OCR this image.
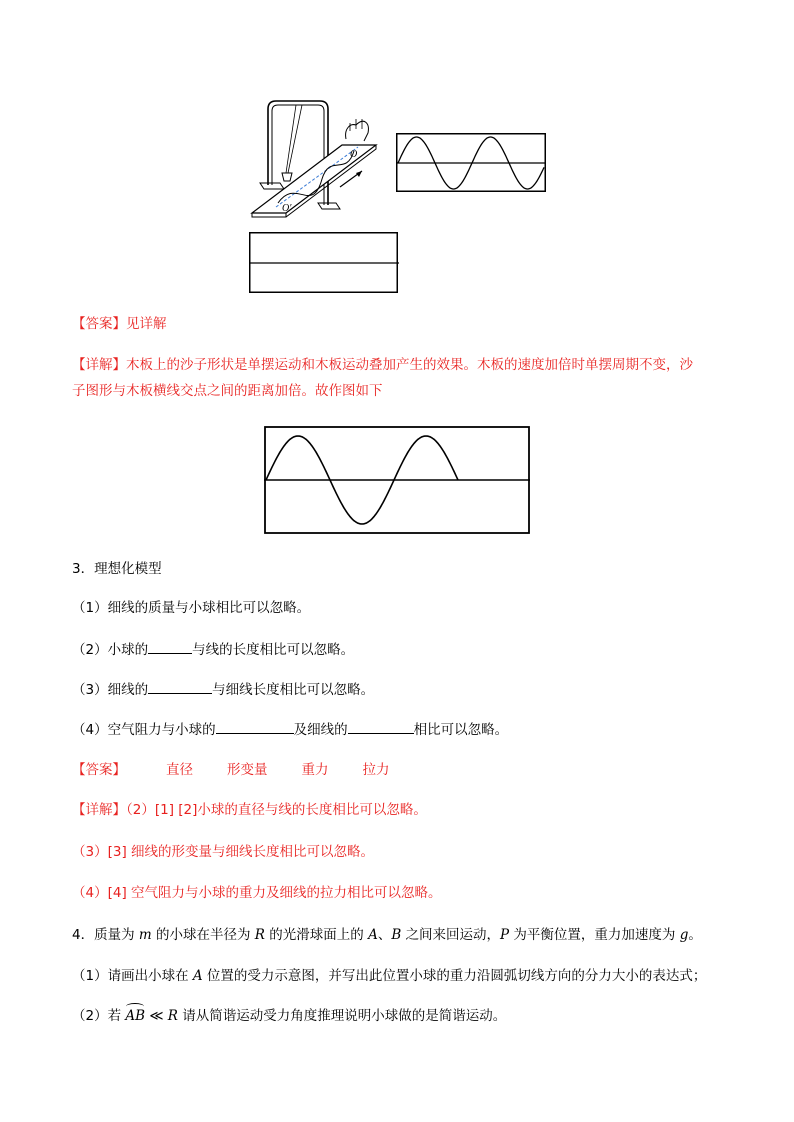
O
O′
【答案】见详解
【详解】木板上的沙子形状是单摆运动和木板运动叠加产生的效果。木板的速度加倍时单摆周期不变，沙
子图形与木板横线交点之间的距离加倍。故作图如下
3．理想化模型
（1）细线的质量与小球相比可以忽略。
（2）小球的	与线的长度相比可以忽略。
（3）细线的	与细线长度相比可以忽略。
（4）空气阻力与小球的	及细线的	相比可以忽略。
【答案】	直径	形变量	重力	拉力
【详解】（2）[1] [2]小球的直径与线的长度相比可以忽略。
（3）[3] 细线的形变量与细线长度相比可以忽略。
（4）[4] 空气阻力与小球的重力及细线的拉力相比可以忽略。
4．质量为 m 的小球在半径为 R 的光滑球面上的 A、B 之间来回运动，P 为平衡位置，重力加速度为 g。
（1）请画出小球在 A 位置的受力示意图，并写出此位置小球的重力沿圆弧切线方向的分力大小的表达式；
（2）若
AB ≪ R 请从简谐运动受力角度推理说明小球做的是简谐运动。
